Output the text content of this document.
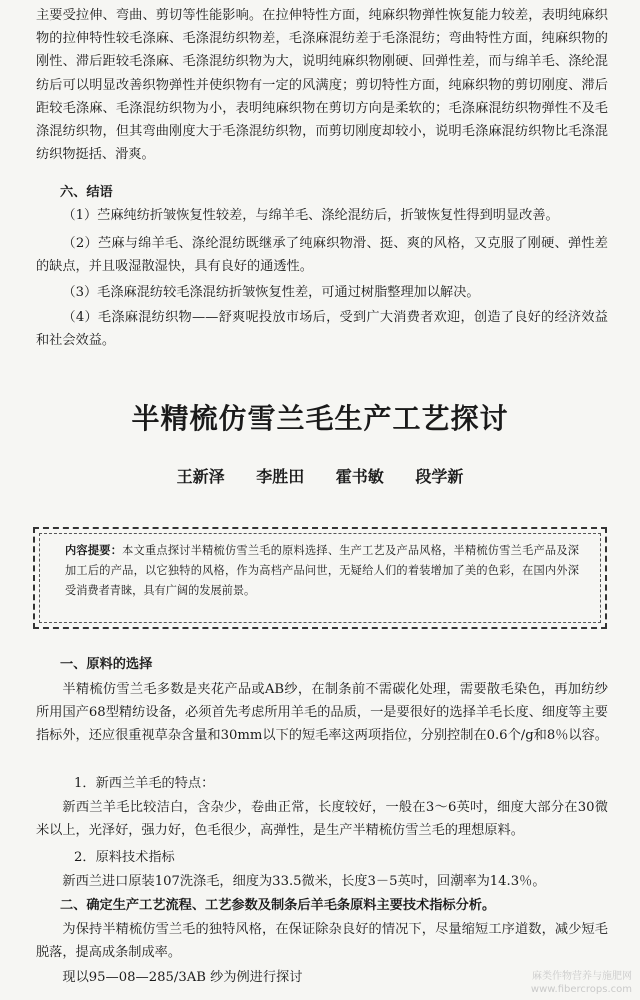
主要受拉伸、弯曲、剪切等性能影响。在拉伸特性方面，纯麻织物弹性恢复能力较差，表明纯麻织物的拉伸特性较毛涤麻、毛涤混纺织物差，毛涤麻混纺差于毛涤混纺；弯曲特性方面，纯麻织物的刚性、滞后距较毛涤麻、毛涤混纺织物为大，说明纯麻织物刚硬、回弹性差，而与绵羊毛、涤纶混纺后可以明显改善织物弹性并使织物有一定的风满度；剪切特性方面，纯麻织物的剪切刚度、滞后距较毛涤麻、毛涤混纺织物为小，表明纯麻织物在剪切方向是柔软的；毛涤麻混纺织物弹性不及毛涤混纺织物，但其弯曲刚度大于毛涤混纺织物，而剪切刚度却较小，说明毛涤麻混纺织物比毛涤混纺织物挺括、滑爽。

六、结语

（1）苎麻纯纺折皱恢复性较差，与绵羊毛、涤纶混纺后，折皱恢复性得到明显改善。

（2）苎麻与绵羊毛、涤纶混纺既继承了纯麻织物滑、挺、爽的风格，又克服了刚硬、弹性差的缺点，并且吸湿散湿快，具有良好的通透性。

（3）毛涤麻混纺较毛涤混纺折皱恢复性差，可通过树脂整理加以解决。

（4）毛涤麻混纺织物——舒爽呢投放市场后，受到广大消费者欢迎，创造了良好的经济效益和社会效益。

半精梳仿雪兰毛生产工艺探讨

王新泽 李胜田 霍书敏 段学新

内容提要：本文重点探讨半精梳仿雪兰毛的原料选择、生产工艺及产品风格，半精梳仿雪兰毛产品及深加工后的产品，以它独特的风格，作为高档产品问世，无疑给人们的着装增加了美的色彩，在国内外深受消费者青睐，具有广阔的发展前景。

一、原料的选择

半精梳仿雪兰毛多数是夹花产品或AB纱，在制条前不需碳化处理，需要散毛染色，再加纺纱所用国产68型精纺设备，必须首先考虑所用羊毛的品质，一是要很好的选择羊毛长度、细度等主要指标外，还应很重视草杂含量和30mm以下的短毛率这两项指位，分别控制在0.6个/g和8％以容。

1．新西兰羊毛的特点：

新西兰羊毛比较洁白，含杂少，卷曲正常，长度较好，一般在3～6英吋，细度大部分在30微米以上，光泽好，强力好，色毛很少，高弹性，是生产半精梳仿雪兰毛的理想原料。

2．原料技术指标

新西兰进口原装107洗涤毛，细度为33.5微米，长度3－5英吋，回潮率为14.3％。

二、确定生产工艺流程、工艺参数及制条后羊毛条原料主要技术指标分析。

为保持半精梳仿雪兰毛的独特风格，在保证除杂良好的情况下，尽量缩短工序道数，减少短毛脱落，提高成条制成率。

现以95—08—285/3AB 纱为例进行探讨	麻类作物营养与施肥网
www.fibercrops.com
